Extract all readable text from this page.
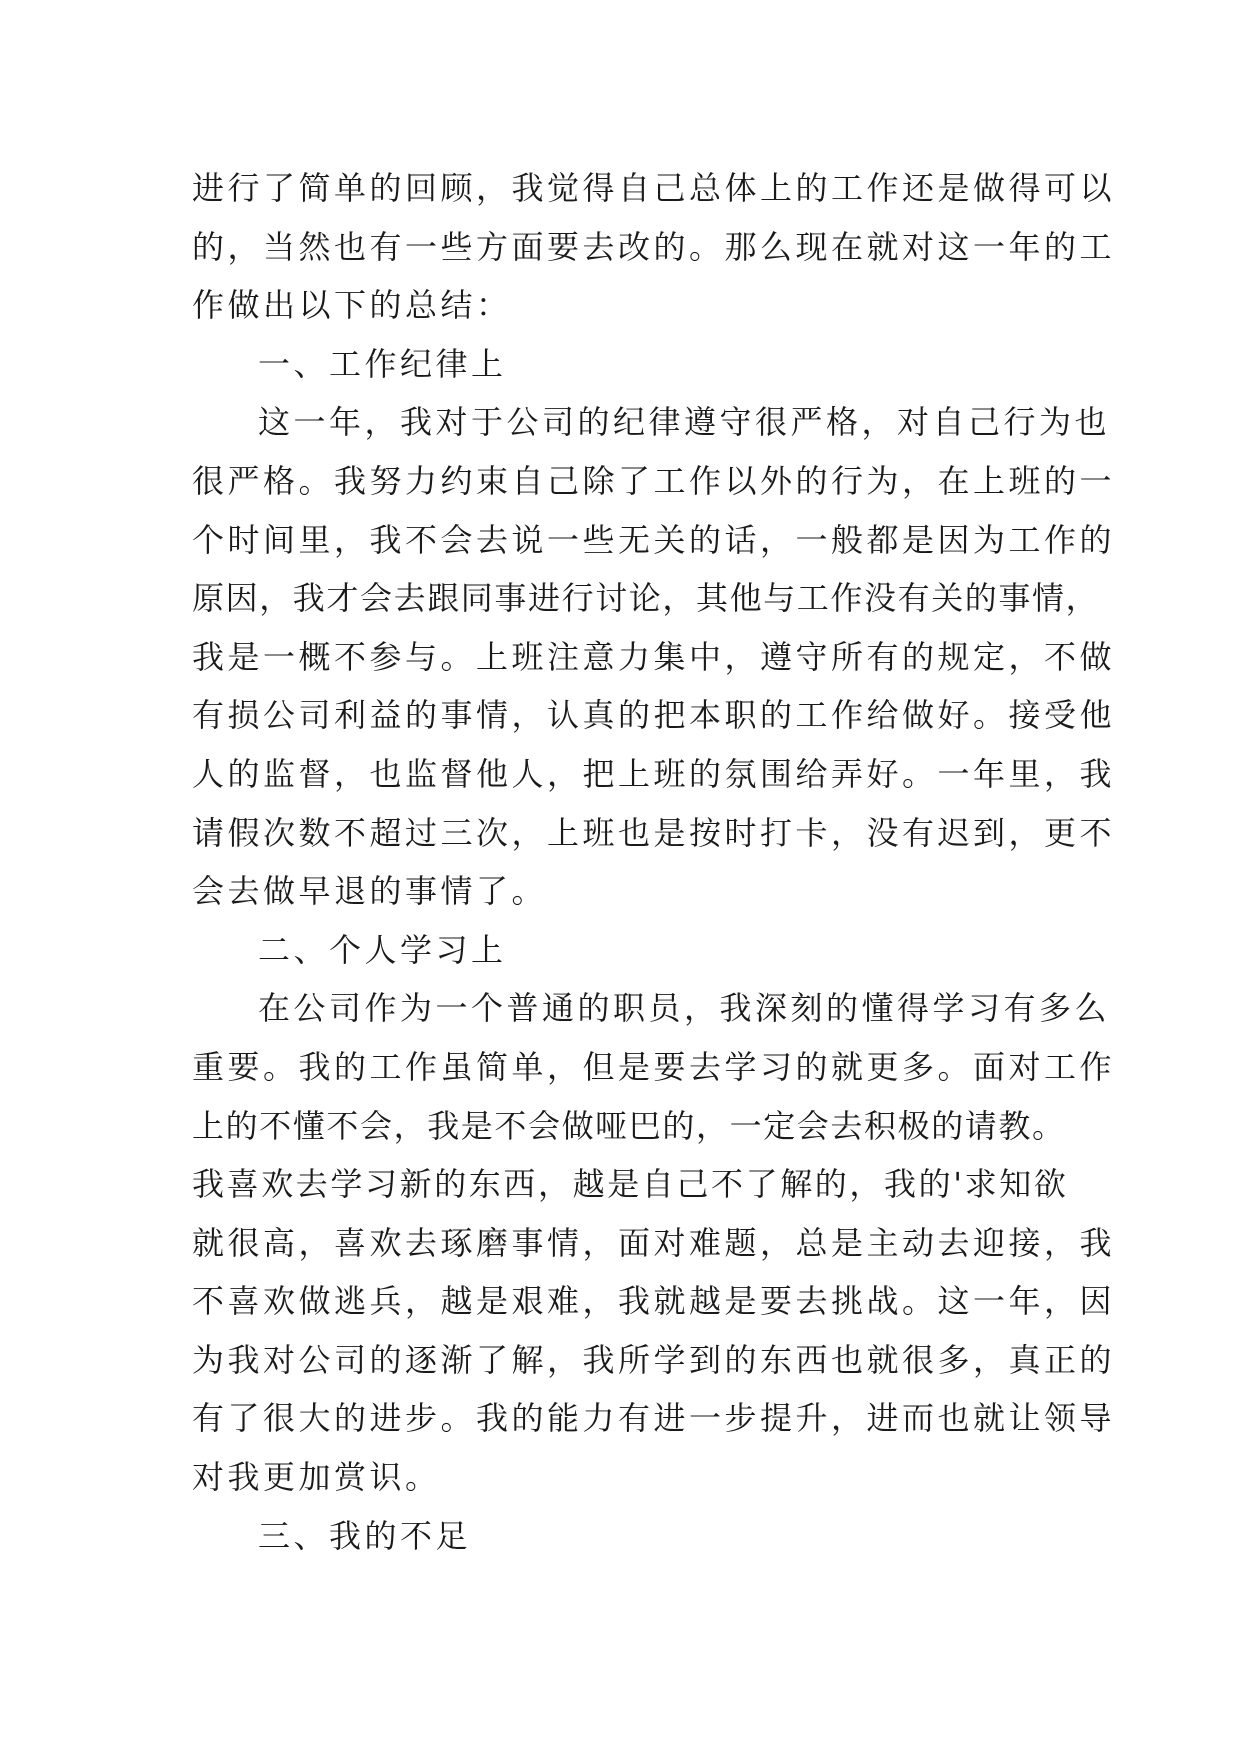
进行了简单的回顾，我觉得自己总体上的工作还是做得可以
的，当然也有一些方面要去改的。那么现在就对这一年的工
作做出以下的总结：
一、工作纪律上
这一年，我对于公司的纪律遵守很严格，对自己行为也
很严格。我努力约束自己除了工作以外的行为，在上班的一
个时间里，我不会去说一些无关的话，一般都是因为工作的
原因，我才会去跟同事进行讨论，其他与工作没有关的事情，
我是一概不参与。上班注意力集中，遵守所有的规定，不做
有损公司利益的事情，认真的把本职的工作给做好。接受他
人的监督，也监督他人，把上班的氛围给弄好。一年里，我
请假次数不超过三次，上班也是按时打卡，没有迟到，更不
会去做早退的事情了。
二、个人学习上
在公司作为一个普通的职员，我深刻的懂得学习有多么
重要。我的工作虽简单，但是要去学习的就更多。面对工作
上的不懂不会，我是不会做哑巴的，一定会去积极的请教。
我喜欢去学习新的东西，越是自己不了解的，我的'求知欲
就很高，喜欢去琢磨事情，面对难题，总是主动去迎接，我
不喜欢做逃兵，越是艰难，我就越是要去挑战。这一年，因
为我对公司的逐渐了解，我所学到的东西也就很多，真正的
有了很大的进步。我的能力有进一步提升，进而也就让领导
对我更加赏识。
三、我的不足
